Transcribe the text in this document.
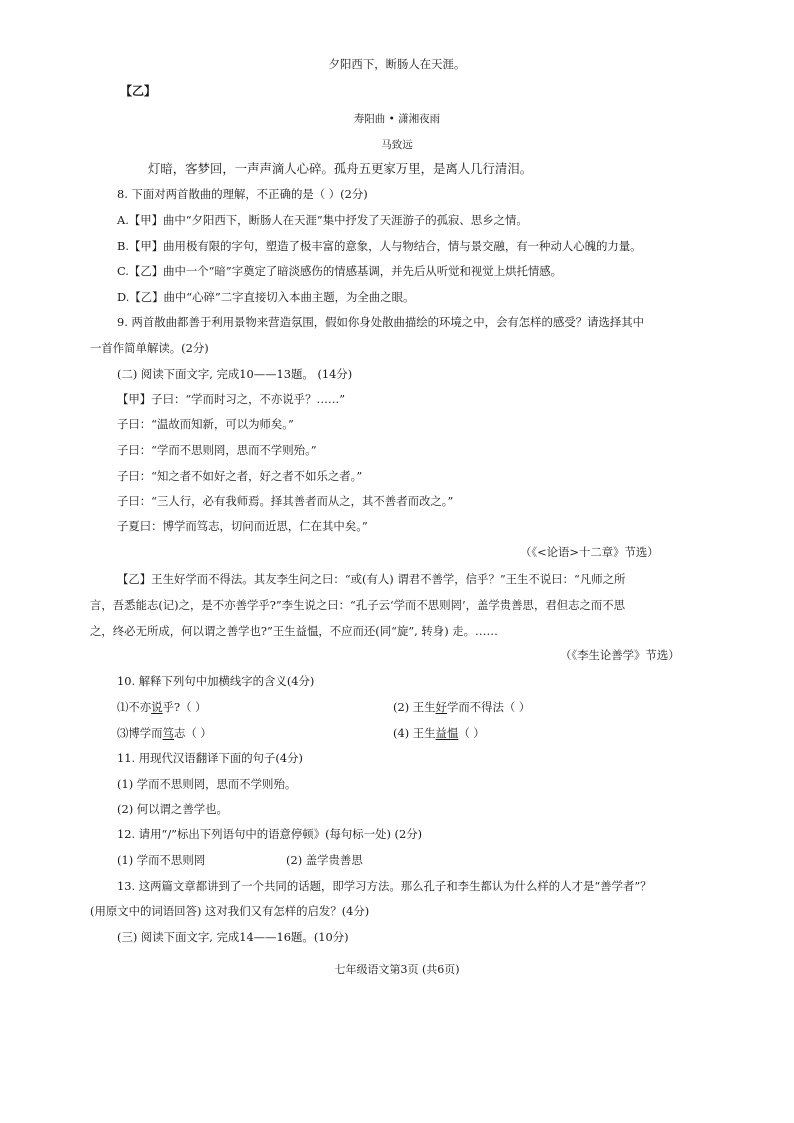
夕阳西下，断肠人在天涯。
【乙】
寿阳曲 • 潇湘夜雨
马致远
灯暗，客梦回，一声声滴人心碎。孤舟五更家万里，是离人几行清泪。
8. 下面对两首散曲的理解，不正确的是（ ）(2分)
A.【甲】曲中“夕阳西下，断肠人在天涯”集中抒发了天涯游子的孤寂、思乡之情。
B.【甲】曲用极有限的字句，塑造了极丰富的意象，人与物结合，情与景交融，有一种动人心魄的力量。
C.【乙】曲中一个“暗”字奠定了暗淡感伤的情感基调，并先后从听觉和视觉上烘托情感。
D.【乙】曲中“心碎”二字直接切入本曲主题，为全曲之眼。
9. 两首散曲都善于利用景物来营造氛围，假如你身处散曲描绘的环境之中，会有怎样的感受？请选择其中
一首作简单解读。(2分)
(二) 阅读下面文字, 完成10——13题。 (14分)
【甲】子曰：“学而时习之，不亦说乎？……”
子曰：“温故而知新，可以为师矣。”
子曰：“学而不思则罔，思而不学则殆。”
子曰：“知之者不如好之者，好之者不如乐之者。”
子曰：“三人行，必有我师焉。择其善者而从之，其不善者而改之。”
子夏曰：博学而笃志，切问而近思，仁在其中矣。”
（《<论语>十二章》节选）
【乙】王生好学而不得法。其友李生问之曰：“或(有人) 谓君不善学，信乎？”王生不说曰：“凡师之所
言，吾悉能志(记)之，是不亦善学乎?”李生说之曰：“孔子云‘学而不思则罔’，盖学贵善思，君但志之而不思
之，终必无所成，何以谓之善学也?”王生益愠，不应而还(同“旋”, 转身) 走。……
（《李生论善学》节选）
10. 解释下列句中加横线字的含义(4分)
⑴不亦说乎?（ ）	(2) 王生好学而不得法（ ）
⑶博学而笃志（ ）	(4) 王生益愠（ ）
11. 用现代汉语翻译下面的句子(4分)
(1) 学而不思则罔，思而不学则殆。
(2) 何以谓之善学也。
12. 请用“/”标出下列语句中的语意停顿》(每句标一处) (2分)
(1) 学而不思则罔	(2) 盖学贵善思
13. 这两篇文章都讲到了一个共同的话题，即学习方法。那么孔子和李生都认为什么样的人才是“善学者”？
(用原文中的词语回答) 这对我们又有怎样的启发？(4分)
(三) 阅读下面文字, 完成14——16题。(10分)
七年级语文第3页 (共6页)
